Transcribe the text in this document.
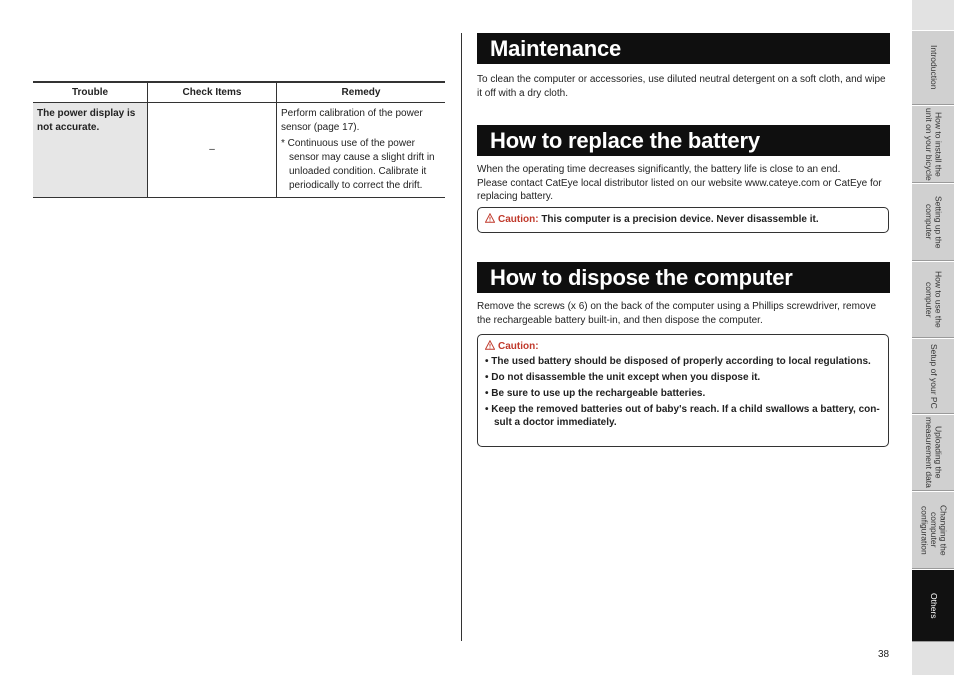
Trouble	Check Items	Remedy
The power display is not accurate.	–	Perform calibration of the power sensor (page 17).

* Continuous use of the power sensor may cause a slight drift in unloaded condition. Calibrate it periodically to correct the drift.

Maintenance

To clean the computer or accessories, use diluted neutral detergent on a soft cloth, and wipe it off with a dry cloth.

How to replace the battery

When the operating time decreases significantly, the battery life is close to an end.

Please contact CatEye local distributor listed on our website www.cateye.com or CatEye for replacing battery.

Caution: This computer is a precision device. Never disassemble it.
How to dispose the computer

Remove the screws (x 6) on the back of the computer using a Phillips screwdriver, remove the rechargeable battery built-in, and then dispose the computer.

Caution:
• The used battery should be disposed of properly according to local regulations.
• Do not disassemble the unit except when you dispose it.
• Be sure to use up the rechargeable batteries.
• Keep the removed batteries out of baby's reach. If a child swallows a battery, con-sult a doctor immediately.
Introduction
How to install the
unit on your bicycle
Setting up the
computer
How to use the
computer
Setup of your PC
Uploading the
measurement data
Changing the
computer
configuration
Others
38
